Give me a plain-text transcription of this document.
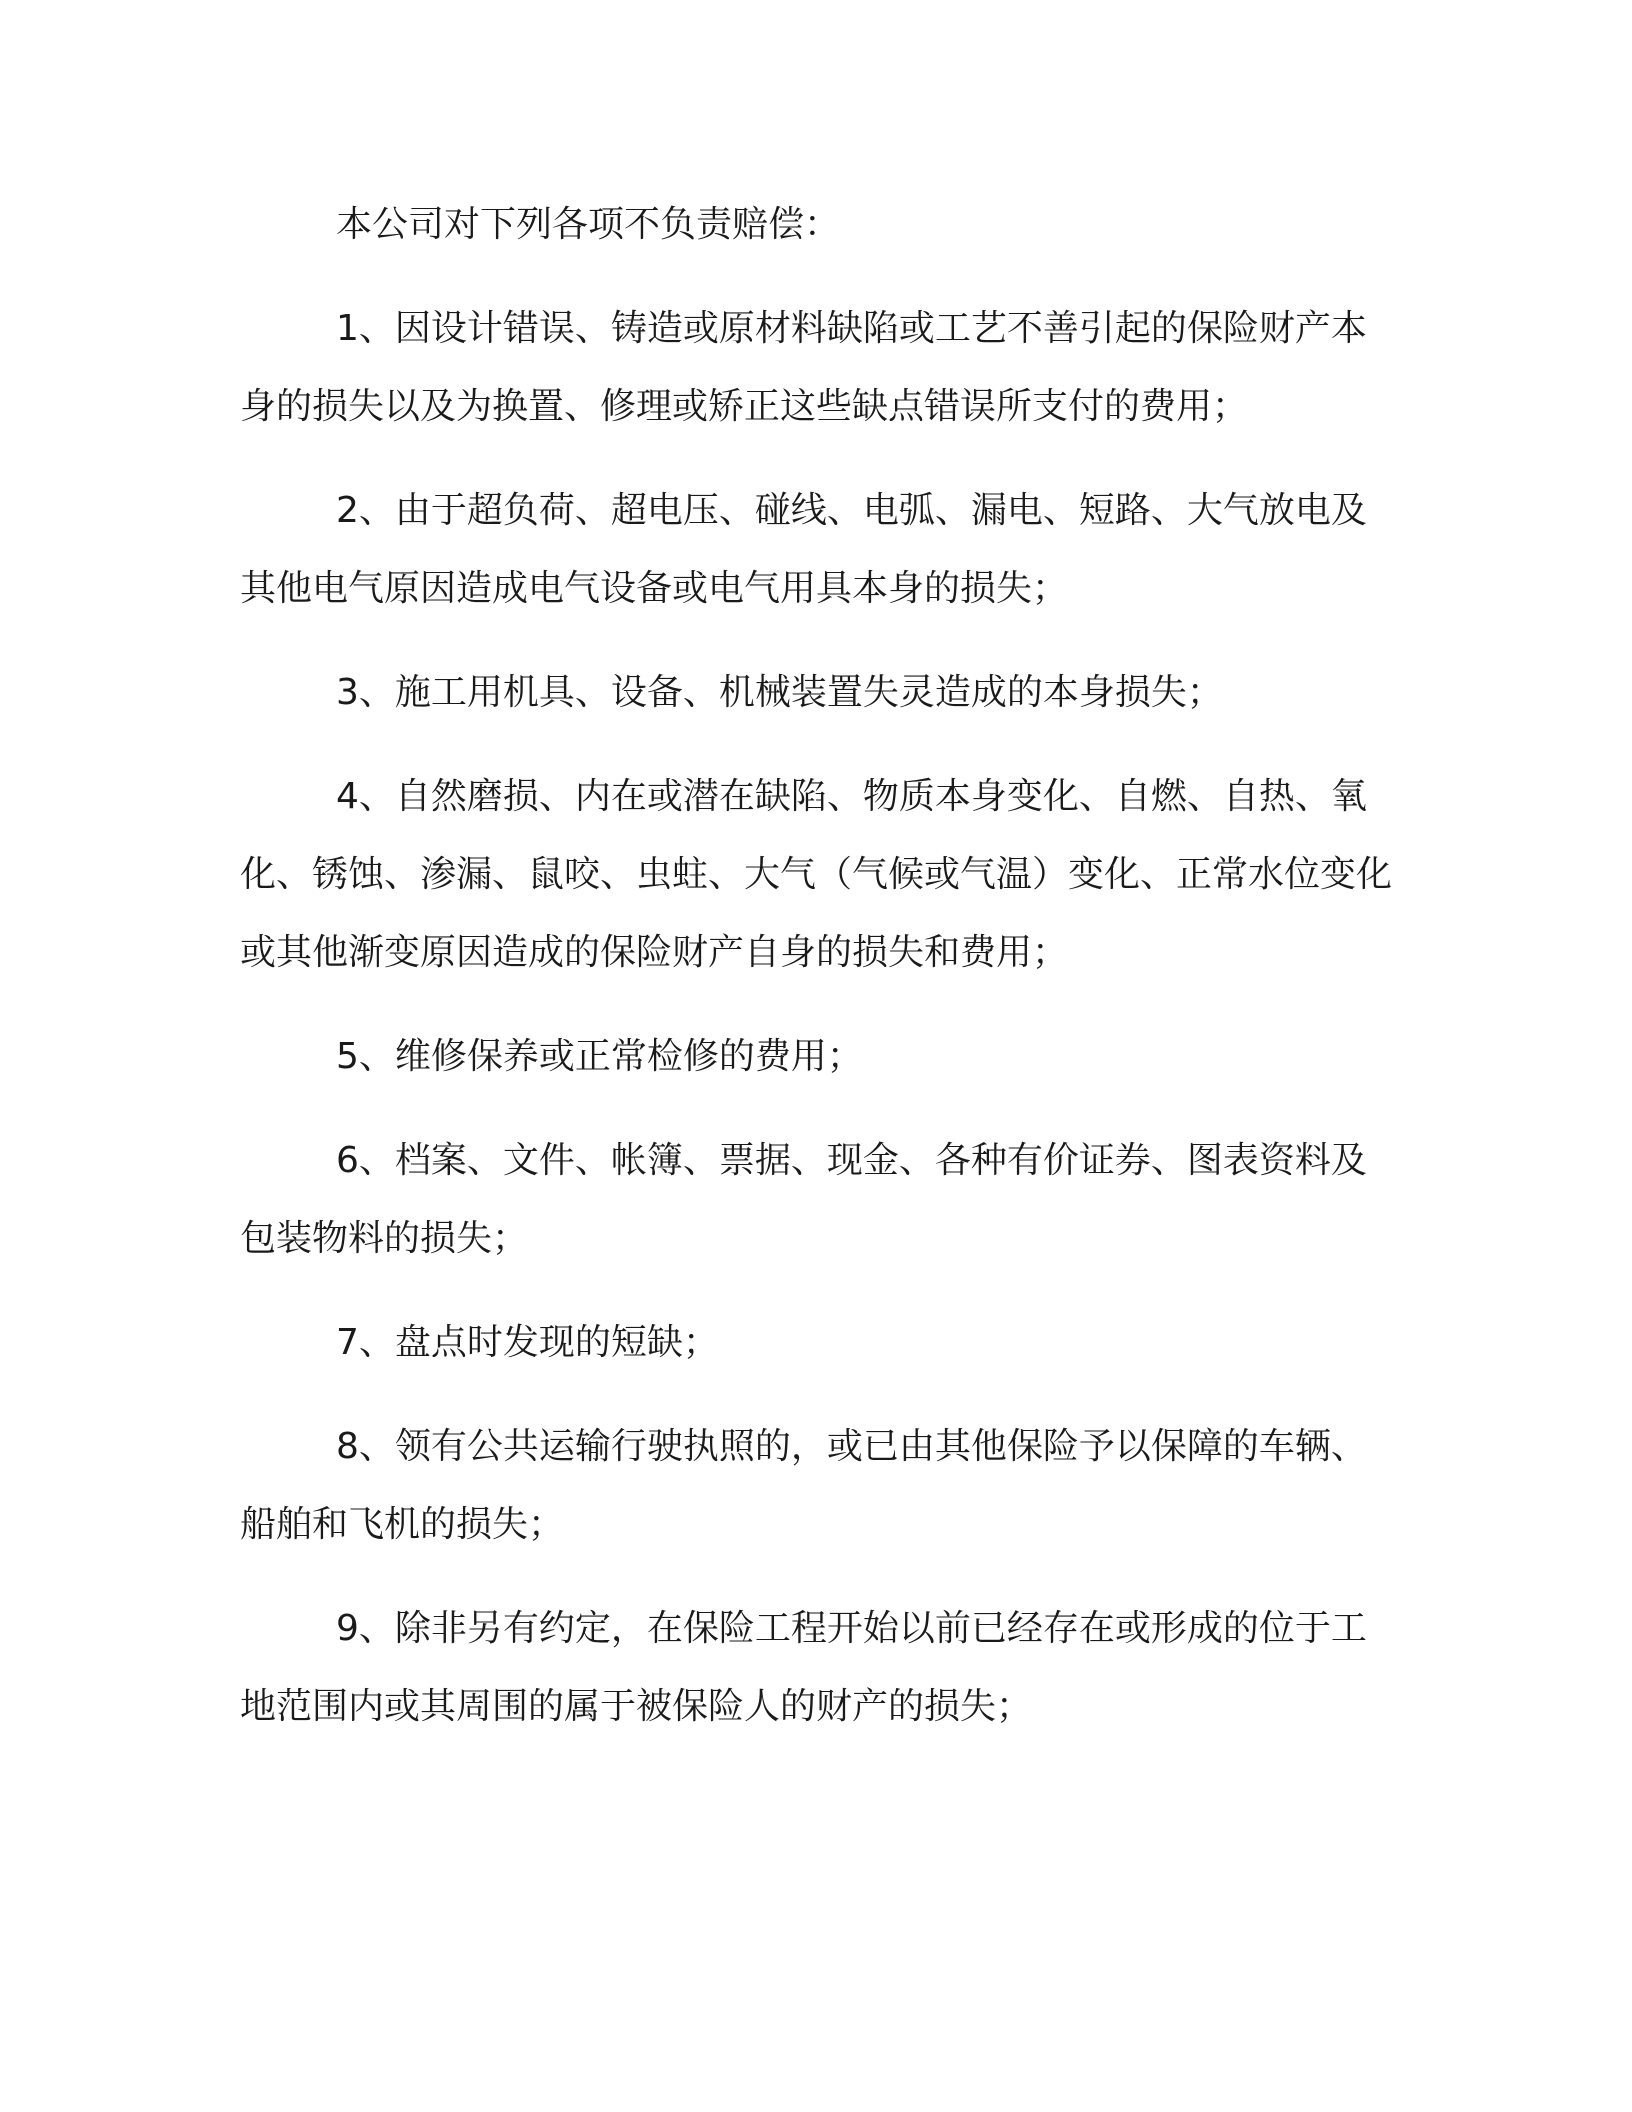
本公司对下列各项不负责赔偿：

1、因设计错误、铸造或原材料缺陷或工艺不善引起的保险财产本身的损失以及为换置、修理或矫正这些缺点错误所支付的费用；

2、由于超负荷、超电压、碰线、电弧、漏电、短路、大气放电及其他电气原因造成电气设备或电气用具本身的损失；

3、施工用机具、设备、机械装置失灵造成的本身损失；

4、自然磨损、内在或潜在缺陷、物质本身变化、自燃、自热、氧化、锈蚀、渗漏、鼠咬、虫蛀、大气（气候或气温）变化、正常水位变化或其他渐变原因造成的保险财产自身的损失和费用；

5、维修保养或正常检修的费用；

6、档案、文件、帐簿、票据、现金、各种有价证券、图表资料及包装物料的损失；

7、盘点时发现的短缺；

8、领有公共运输行驶执照的，或已由其他保险予以保障的车辆、船舶和飞机的损失；

9、除非另有约定，在保险工程开始以前已经存在或形成的位于工地范围内或其周围的属于被保险人的财产的损失；
